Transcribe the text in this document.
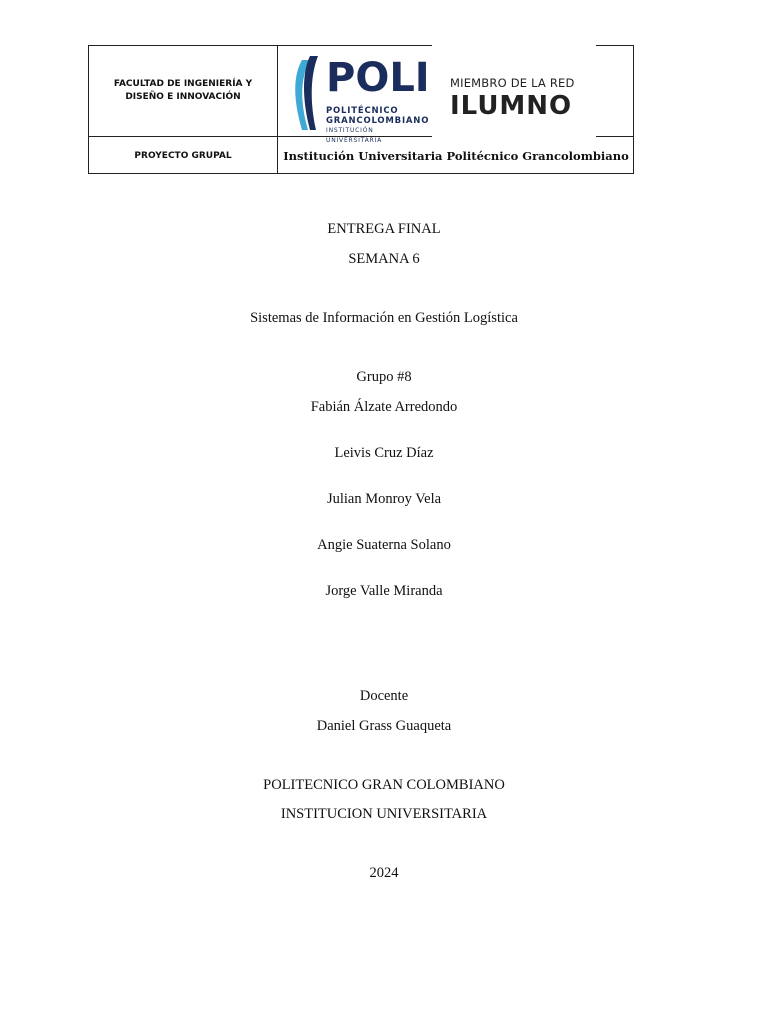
FACULTAD DE INGENIERÍA Y DISEÑO E INNOVACIÓN	POLI
POLITÉCNICO
GRANCOLOMBIANO
INSTITUCIÓN UNIVERSITARIA
MIEMBRO DE LA RED
ILUMNO
PROYECTO GRUPAL	Institución Universitaria Politécnico Grancolombiano
ENTREGA FINAL
SEMANA 6
Sistemas de Información en Gestión Logística
Grupo #8
Fabián Álzate Arredondo
Leivis Cruz Díaz
Julian Monroy Vela
Angie Suaterna Solano
Jorge Valle Miranda
Docente
Daniel Grass Guaqueta
POLITECNICO GRAN COLOMBIANO
INSTITUCION UNIVERSITARIA
2024
